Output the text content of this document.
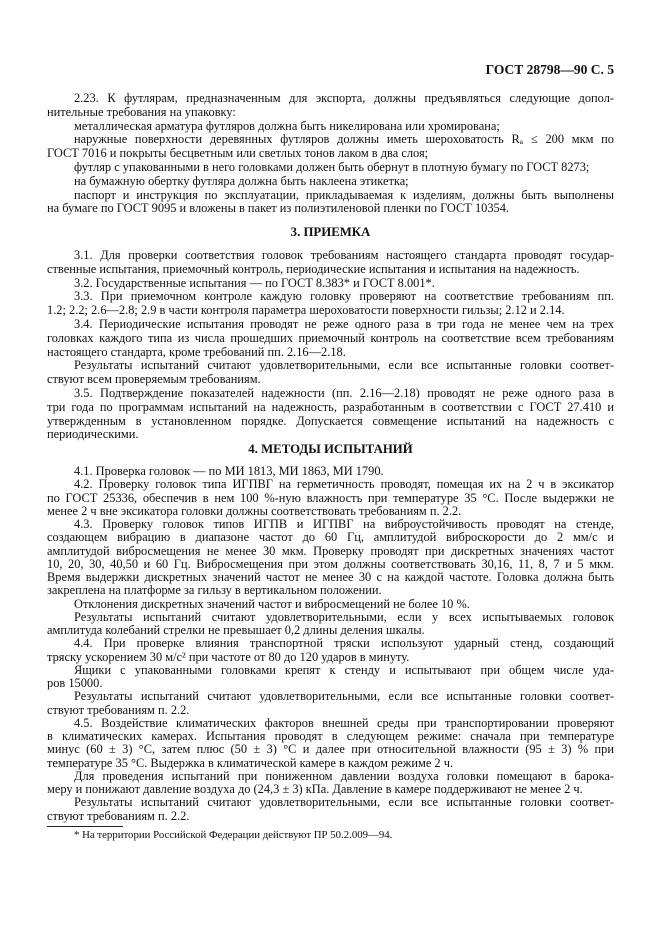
ГОСТ 28798—90 С. 5
2.23. К футлярам, предназначенным для экспорта, должны предъявляться следующие допол-
нительные требования на упаковку:
металлическая арматура футляров должна быть никелирована или хромирована;
наружные поверхности деревянных футляров должны иметь шероховатость Rₐ ≤ 200 мкм по
ГОСТ 7016 и покрыты бесцветным или светлых тонов лаком в два слоя;
футляр с упакованными в него головками должен быть обернут в плотную бумагу по ГОСТ 8273;
на бумажную обертку футляра должна быть наклеена этикетка;
паспорт и инструкция по эксплуатации, прикладываемая к изделиям, должны быть выполнены
на бумаге по ГОСТ 9095 и вложены в пакет из полиэтиленовой пленки по ГОСТ 10354.
3. ПРИЕМКА
3.1. Для проверки соответствия головок требованиям настоящего стандарта проводят государ-
ственные испытания, приемочный контроль, периодические испытания и испытания на надежность.
3.2. Государственные испытания — по ГОСТ 8.383* и ГОСТ 8.001*.
3.3. При приемочном контроле каждую головку проверяют на соответствие требованиям пп.
1.2; 2.2; 2.6—2.8; 2.9 в части контроля параметра шероховатости поверхности гильзы; 2.12 и 2.14.
3.4. Периодические испытания проводят не реже одного раза в три года не менее чем на трех
головках каждого типа из числа прошедших приемочный контроль на соответствие всем требованиям
настоящего стандарта, кроме требований пп. 2.16—2.18.
Результаты испытаний считают удовлетворительными, если все испытанные головки соответ-
ствуют всем проверяемым требованиям.
3.5. Подтверждение показателей надежности (пп. 2.16—2.18) проводят не реже одного раза в
три года по программам испытаний на надежность, разработанным в соответствии с ГОСТ 27.410 и
утвержденным в установленном порядке. Допускается совмещение испытаний на надежность с
периодическими.
4. МЕТОДЫ ИСПЫТАНИЙ
4.1. Проверка головок — по МИ 1813, МИ 1863, МИ 1790.
4.2. Проверку головок типа ИГПВГ на герметичность проводят, помещая их на 2 ч в эксикатор
по ГОСТ 25336, обеспечив в нем 100 %-ную влажность при температуре 35 °С. После выдержки не
менее 2 ч вне эксикатора головки должны соответствовать требованиям п. 2.2.
4.3. Проверку головок типов ИГПВ и ИГПВГ на виброустойчивость проводят на стенде,
создающем вибрацию в диапазоне частот до 60 Гц, амплитудой виброскорости до 2 мм/с и
амплитудой вибросмещения не менее 30 мкм. Проверку проводят при дискретных значениях частот
10, 20, 30, 40,50 и 60 Гц. Вибросмещения при этом должны соответствовать 30,16, 11, 8, 7 и 5 мкм.
Время выдержки дискретных значений частот не менее 30 с на каждой частоте. Головка должна быть
закреплена на платформе за гильзу в вертикальном положении.
Отклонения дискретных значений частот и вибросмещений не более 10 %.
Результаты испытаний считают удовлетворительными, если у всех испытываемых головок
амплитуда колебаний стрелки не превышает 0,2 длины деления шкалы.
4.4. При проверке влияния транспортной тряски используют ударный стенд, создающий
тряску ускорением 30 м/с² при частоте от 80 до 120 ударов в минуту.
Ящики с упакованными головками крепят к стенду и испытывают при общем числе уда-
ров 15000.
Результаты испытаний считают удовлетворительными, если все испытанные головки соответ-
ствуют требованиям п. 2.2.
4.5. Воздействие климатических факторов внешней среды при транспортировании проверяют
в климатических камерах. Испытания проводят в следующем режиме: сначала при температуре
минус (60 ± 3) °С, затем плюс (50 ± 3) °С и далее при относительной влажности (95 ± 3) % при
температуре 35 °С. Выдержка в климатической камере в каждом режиме 2 ч.
Для проведения испытаний при пониженном давлении воздуха головки помещают в барока-
меру и понижают давление воздуха до (24,3 ± 3) кПа. Давление в камере поддерживают не менее 2 ч.
Результаты испытаний считают удовлетворительными, если все испытанные головки соответ-
ствуют требованиям п. 2.2.
* На территории Российской Федерации действуют ПР 50.2.009—94.
